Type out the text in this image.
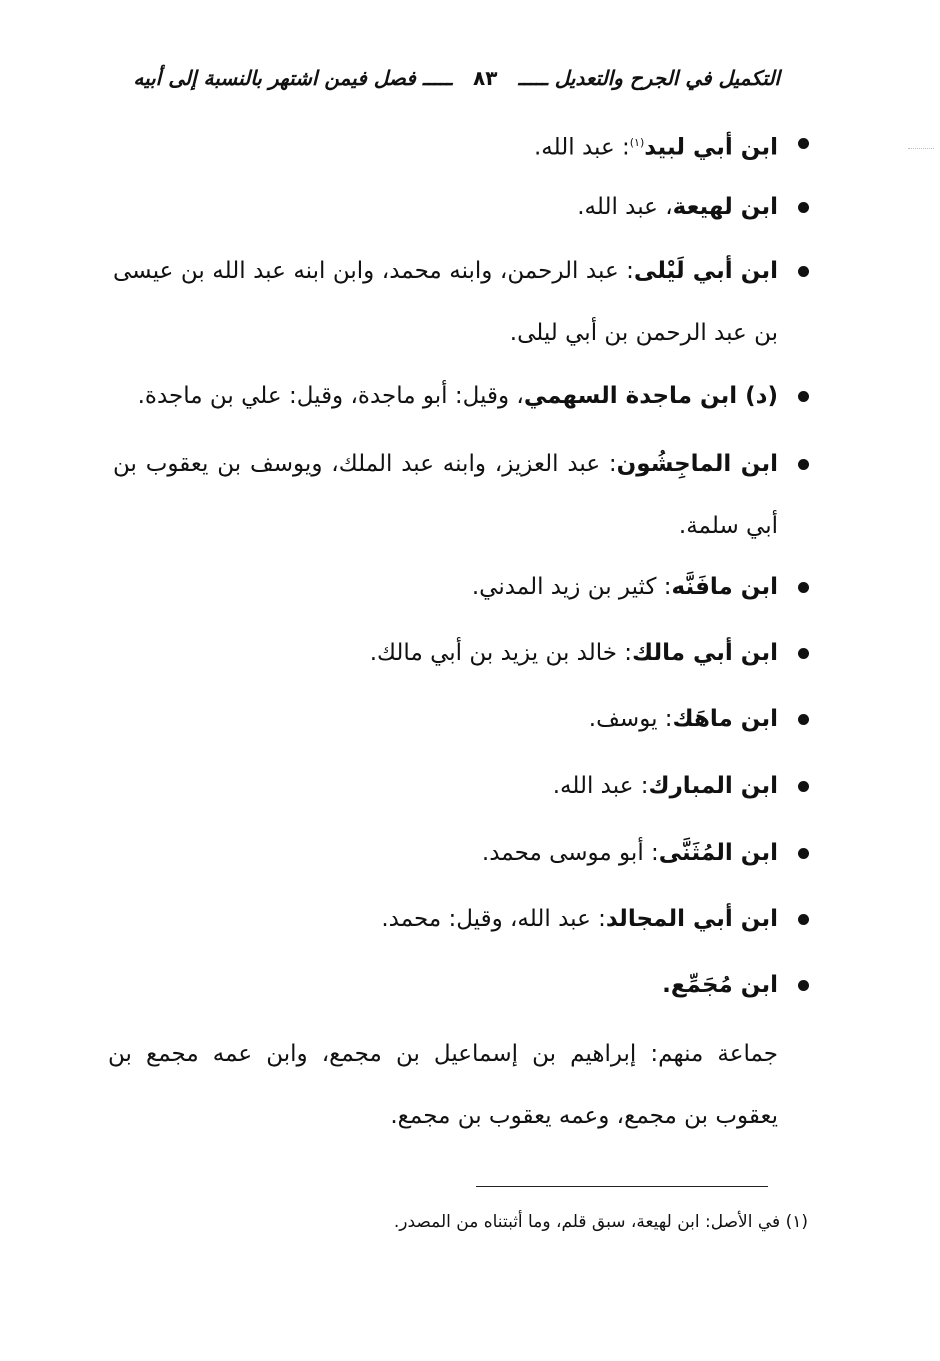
التكميل في الجرح والتعديل ـــــ ٨٣ ـــــ فصل فيمن اشتهر بالنسبة إلى أبيه
ابن أبي لبيد$^{(١)}$: عبد الله.
ابن لهيعة، عبد الله.
ابن أبي لَيْلى: عبد الرحمن، وابنه محمد، وابن ابنه عبد الله بن عيسى بن عبد الرحمن بن أبي ليلى.
(د) ابن ماجدة السهمي، وقيل: أبو ماجدة، وقيل: علي بن ماجدة.
ابن الماجِشُون: عبد العزيز، وابنه عبد الملك، ويوسف بن يعقوب بن أبي سلمة.
ابن مافَنَّه: كثير بن زيد المدني.
ابن أبي مالك: خالد بن يزيد بن أبي مالك.
ابن ماهَك: يوسف.
ابن المبارك: عبد الله.
ابن المُثَنَّى: أبو موسى محمد.
ابن أبي المجالد: عبد الله، وقيل: محمد.
ابن مُجَمِّع.
جماعة منهم: إبراهيم بن إسماعيل بن مجمع، وابن عمه مجمع بن يعقوب بن مجمع، وعمه يعقوب بن مجمع.
(١) في الأصل: ابن لهيعة، سبق قلم، وما أثبتناه من المصدر.
